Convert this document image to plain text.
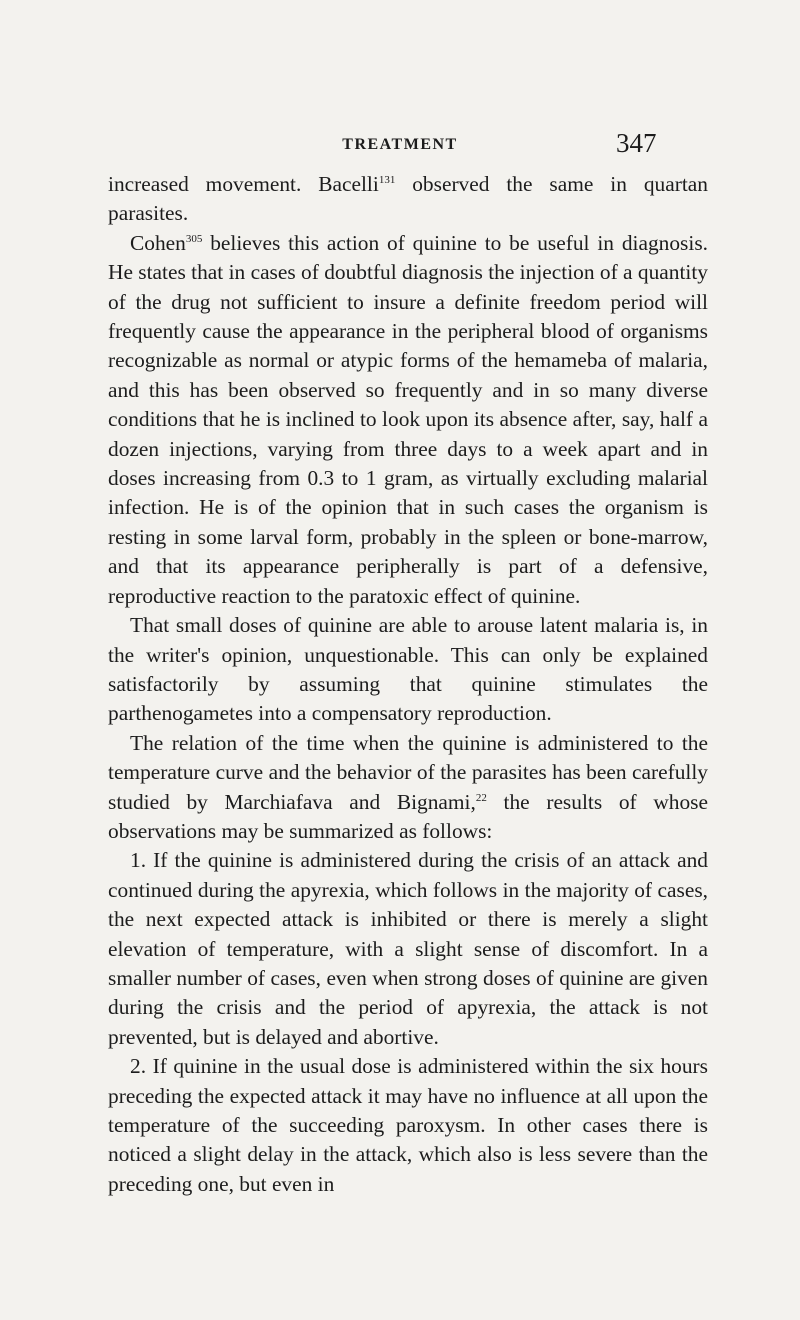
TREATMENT	347

increased movement. Bacelli$^{131}$ observed the same in quartan parasites.

Cohen$^{305}$ believes this action of quinine to be useful in diagnosis. He states that in cases of doubtful diagnosis the injection of a quantity of the drug not sufficient to insure a definite freedom period will frequently cause the appearance in the peripheral blood of organisms recognizable as normal or atypic forms of the hemameba of malaria, and this has been observed so frequently and in so many diverse conditions that he is inclined to look upon its absence after, say, half a dozen injections, varying from three days to a week apart and in doses increasing from 0.3 to 1 gram, as virtually excluding malarial infection. He is of the opinion that in such cases the organism is resting in some larval form, probably in the spleen or bone-marrow, and that its appearance peripherally is part of a defensive, reproductive reaction to the paratoxic effect of quinine.

That small doses of quinine are able to arouse latent malaria is, in the writer's opinion, unquestionable. This can only be explained satisfactorily by assuming that quinine stimulates the parthenogametes into a compensatory reproduction.

The relation of the time when the quinine is administered to the temperature curve and the behavior of the parasites has been carefully studied by Marchiafava and Bignami,$^{22}$ the results of whose observations may be summarized as follows:

1. If the quinine is administered during the crisis of an attack and continued during the apyrexia, which follows in the majority of cases, the next expected attack is inhibited or there is merely a slight elevation of temperature, with a slight sense of discomfort. In a smaller number of cases, even when strong doses of quinine are given during the crisis and the period of apyrexia, the attack is not prevented, but is delayed and abortive.

2. If quinine in the usual dose is administered within the six hours preceding the expected attack it may have no influence at all upon the temperature of the succeeding paroxysm. In other cases there is noticed a slight delay in the attack, which also is less severe than the preceding one, but even in
